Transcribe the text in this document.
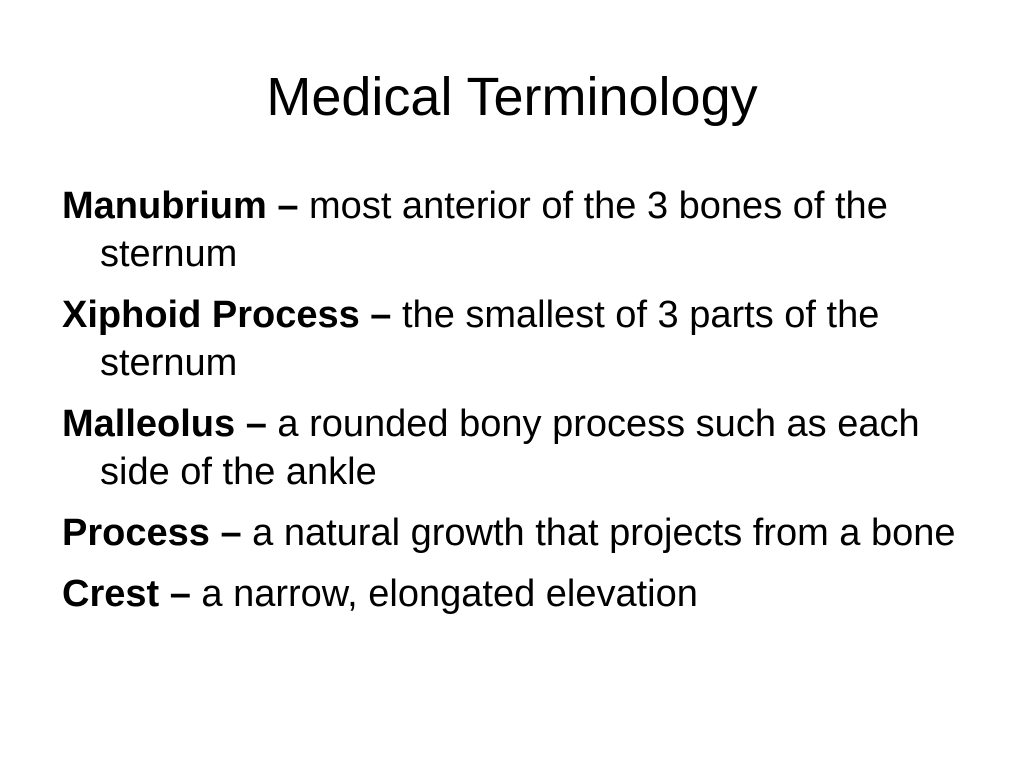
Medical Terminology
Manubrium – most anterior of the 3 bones of the sternum
Xiphoid Process – the smallest of 3 parts of the sternum
Malleolus – a rounded bony process such as each side of the ankle
Process – a natural growth that projects from a bone
Crest – a narrow, elongated elevation
